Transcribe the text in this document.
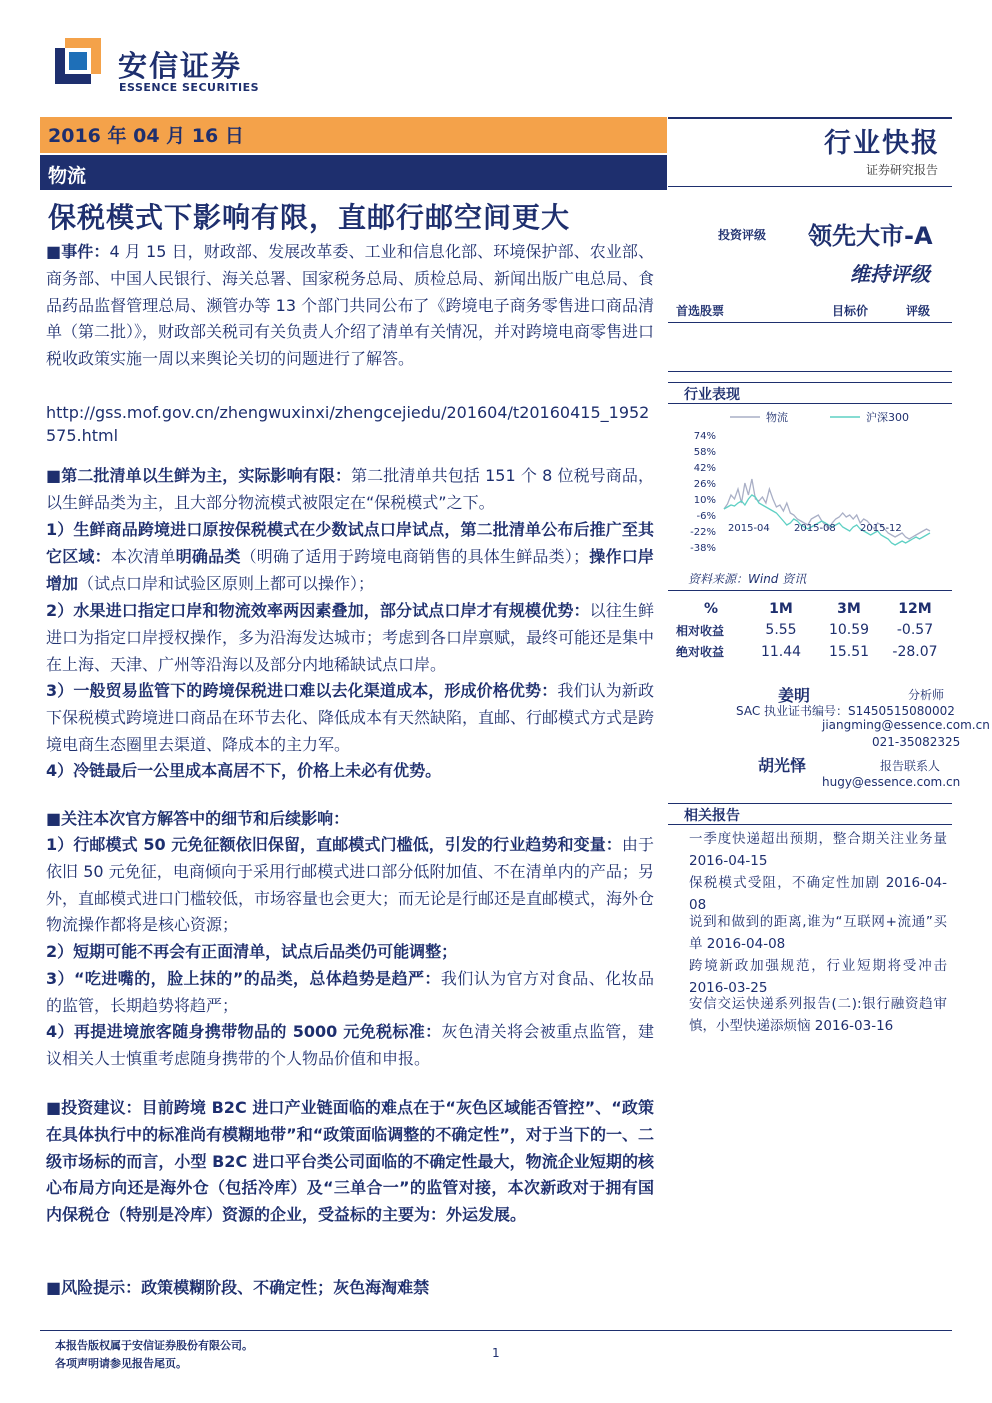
安信证券
ESSENCE SECURITIES
2016 年 04 月 16 日
物流
行业快报
证券研究报告
保税模式下影响有限，直邮行邮空间更大
■事件：4 月 15 日，财政部、发展改革委、工业和信息化部、环境保护部、农业部、商务部、中国人民银行、海关总署、国家税务总局、质检总局、新闻出版广电总局、食品药品监督管理总局、濒管办等 13 个部门共同公布了《跨境电子商务零售进口商品清单（第二批）》，财政部关税司有关负责人介绍了清单有关情况，并对跨境电商零售进口税收政策实施一周以来舆论关切的问题进行了解答。
http://gss.mof.gov.cn/zhengwuxinxi/zhengcejiedu/201604/t20160415_1952575.html
■第二批清单以生鲜为主，实际影响有限：第二批清单共包括 151 个 8 位税号商品，以生鲜品类为主，且大部分物流模式被限定在“保税模式”之下。
1）生鲜商品跨境进口原按保税模式在少数试点口岸试点，第二批清单公布后推广至其它区域：本次清单明确品类（明确了适用于跨境电商销售的具体生鲜品类）；操作口岸增加（试点口岸和试验区原则上都可以操作）；
2）水果进口指定口岸和物流效率两因素叠加，部分试点口岸才有规模优势：以往生鲜进口为指定口岸授权操作，多为沿海发达城市；考虑到各口岸禀赋，最终可能还是集中在上海、天津、广州等沿海以及部分内地稀缺试点口岸。
3）一般贸易监管下的跨境保税进口难以去化渠道成本，形成价格优势：我们认为新政下保税模式跨境进口商品在环节去化、降低成本有天然缺陷，直邮、行邮模式方式是跨境电商生态圈里去渠道、降成本的主力军。
4）冷链最后一公里成本高居不下，价格上未必有优势。
■关注本次官方解答中的细节和后续影响：
1）行邮模式 50 元免征额依旧保留，直邮模式门槛低，引发的行业趋势和变量：由于依旧 50 元免征，电商倾向于采用行邮模式进口部分低附加值、不在清单内的产品；另外，直邮模式进口门槛较低，市场容量也会更大；而无论是行邮还是直邮模式，海外仓物流操作都将是核心资源；
2）短期可能不再会有正面清单，试点后品类仍可能调整；
3）“吃进嘴的，脸上抹的”的品类，总体趋势是趋严：我们认为官方对食品、化妆品的监管，长期趋势将趋严；
4）再提进境旅客随身携带物品的 5000 元免税标准：灰色清关将会被重点监管，建议相关人士慎重考虑随身携带的个人物品价值和申报。
■投资建议：目前跨境 B2C 进口产业链面临的难点在于“灰色区域能否管控”、“政策在具体执行中的标准尚有模糊地带”和“政策面临调整的不确定性”，对于当下的一、二级市场标的而言，小型 B2C 进口平台类公司面临的不确定性最大，物流企业短期的核心布局方向还是海外仓（包括冷库）及“三单合一”的监管对接，本次新政对于拥有国内保税仓（特别是冷库）资源的企业，受益标的主要为：外运发展。
■风险提示：政策模糊阶段、不确定性；灰色海淘难禁
投资评级 领先大市-A
维持评级
首选股票	目标价	评级
行业表现
物流	沪深300
74%
58%
42%
26%
10%
-6%
-22%
-38%
2015-04 2015-08 2015-12
资料来源：Wind 资讯
%	1M	3M	12M
相对收益	5.55	10.59	-0.57
绝对收益	11.44	15.51	-28.07
姜明	分析师
SAC 执业证书编号：S1450515080002
jiangming@essence.com.cn
021-35082325
胡光怿	报告联系人
hugy@essence.com.cn
相关报告
一季度快递超出预期，整合期关注业务量 2016-04-15
保税模式受阻，不确定性加剧 2016-04-08
说到和做到的距离,谁为“互联网+流通”买单 2016-04-08
跨境新政加强规范，行业短期将受冲击 2016-03-25
安信交运快递系列报告(二):银行融资趋审慎，小型快递添烦恼 2016-03-16
本报告版权属于安信证券股份有限公司。
各项声明请参见报告尾页。
1
